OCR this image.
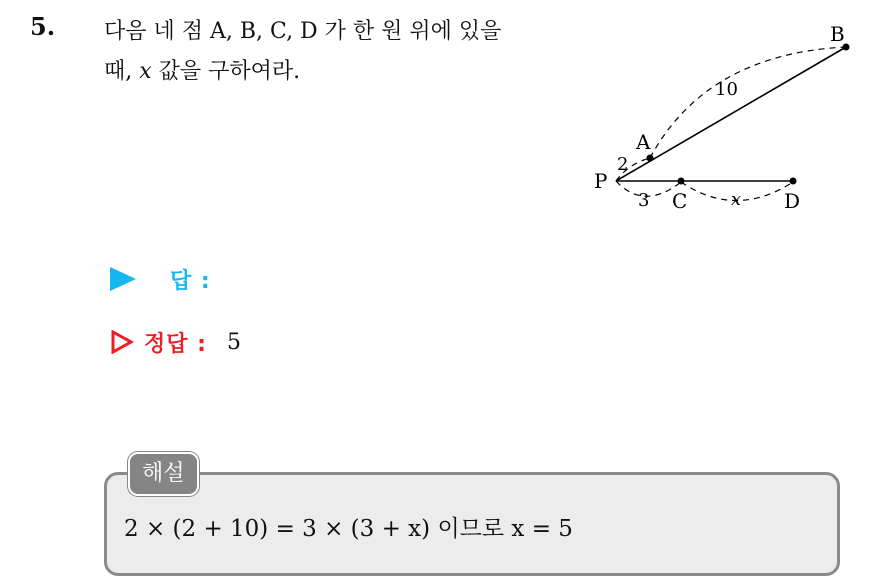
5. 다음 네 점 A, B, C, D 가 한 원 위에 있을
때, x 값을 구하여라.
P
A
B
C	D
2
10
3	x
답 :
정답 : 5
해설
2 × (2 + 10) = 3 × (3 + x) 이므로 x = 5
